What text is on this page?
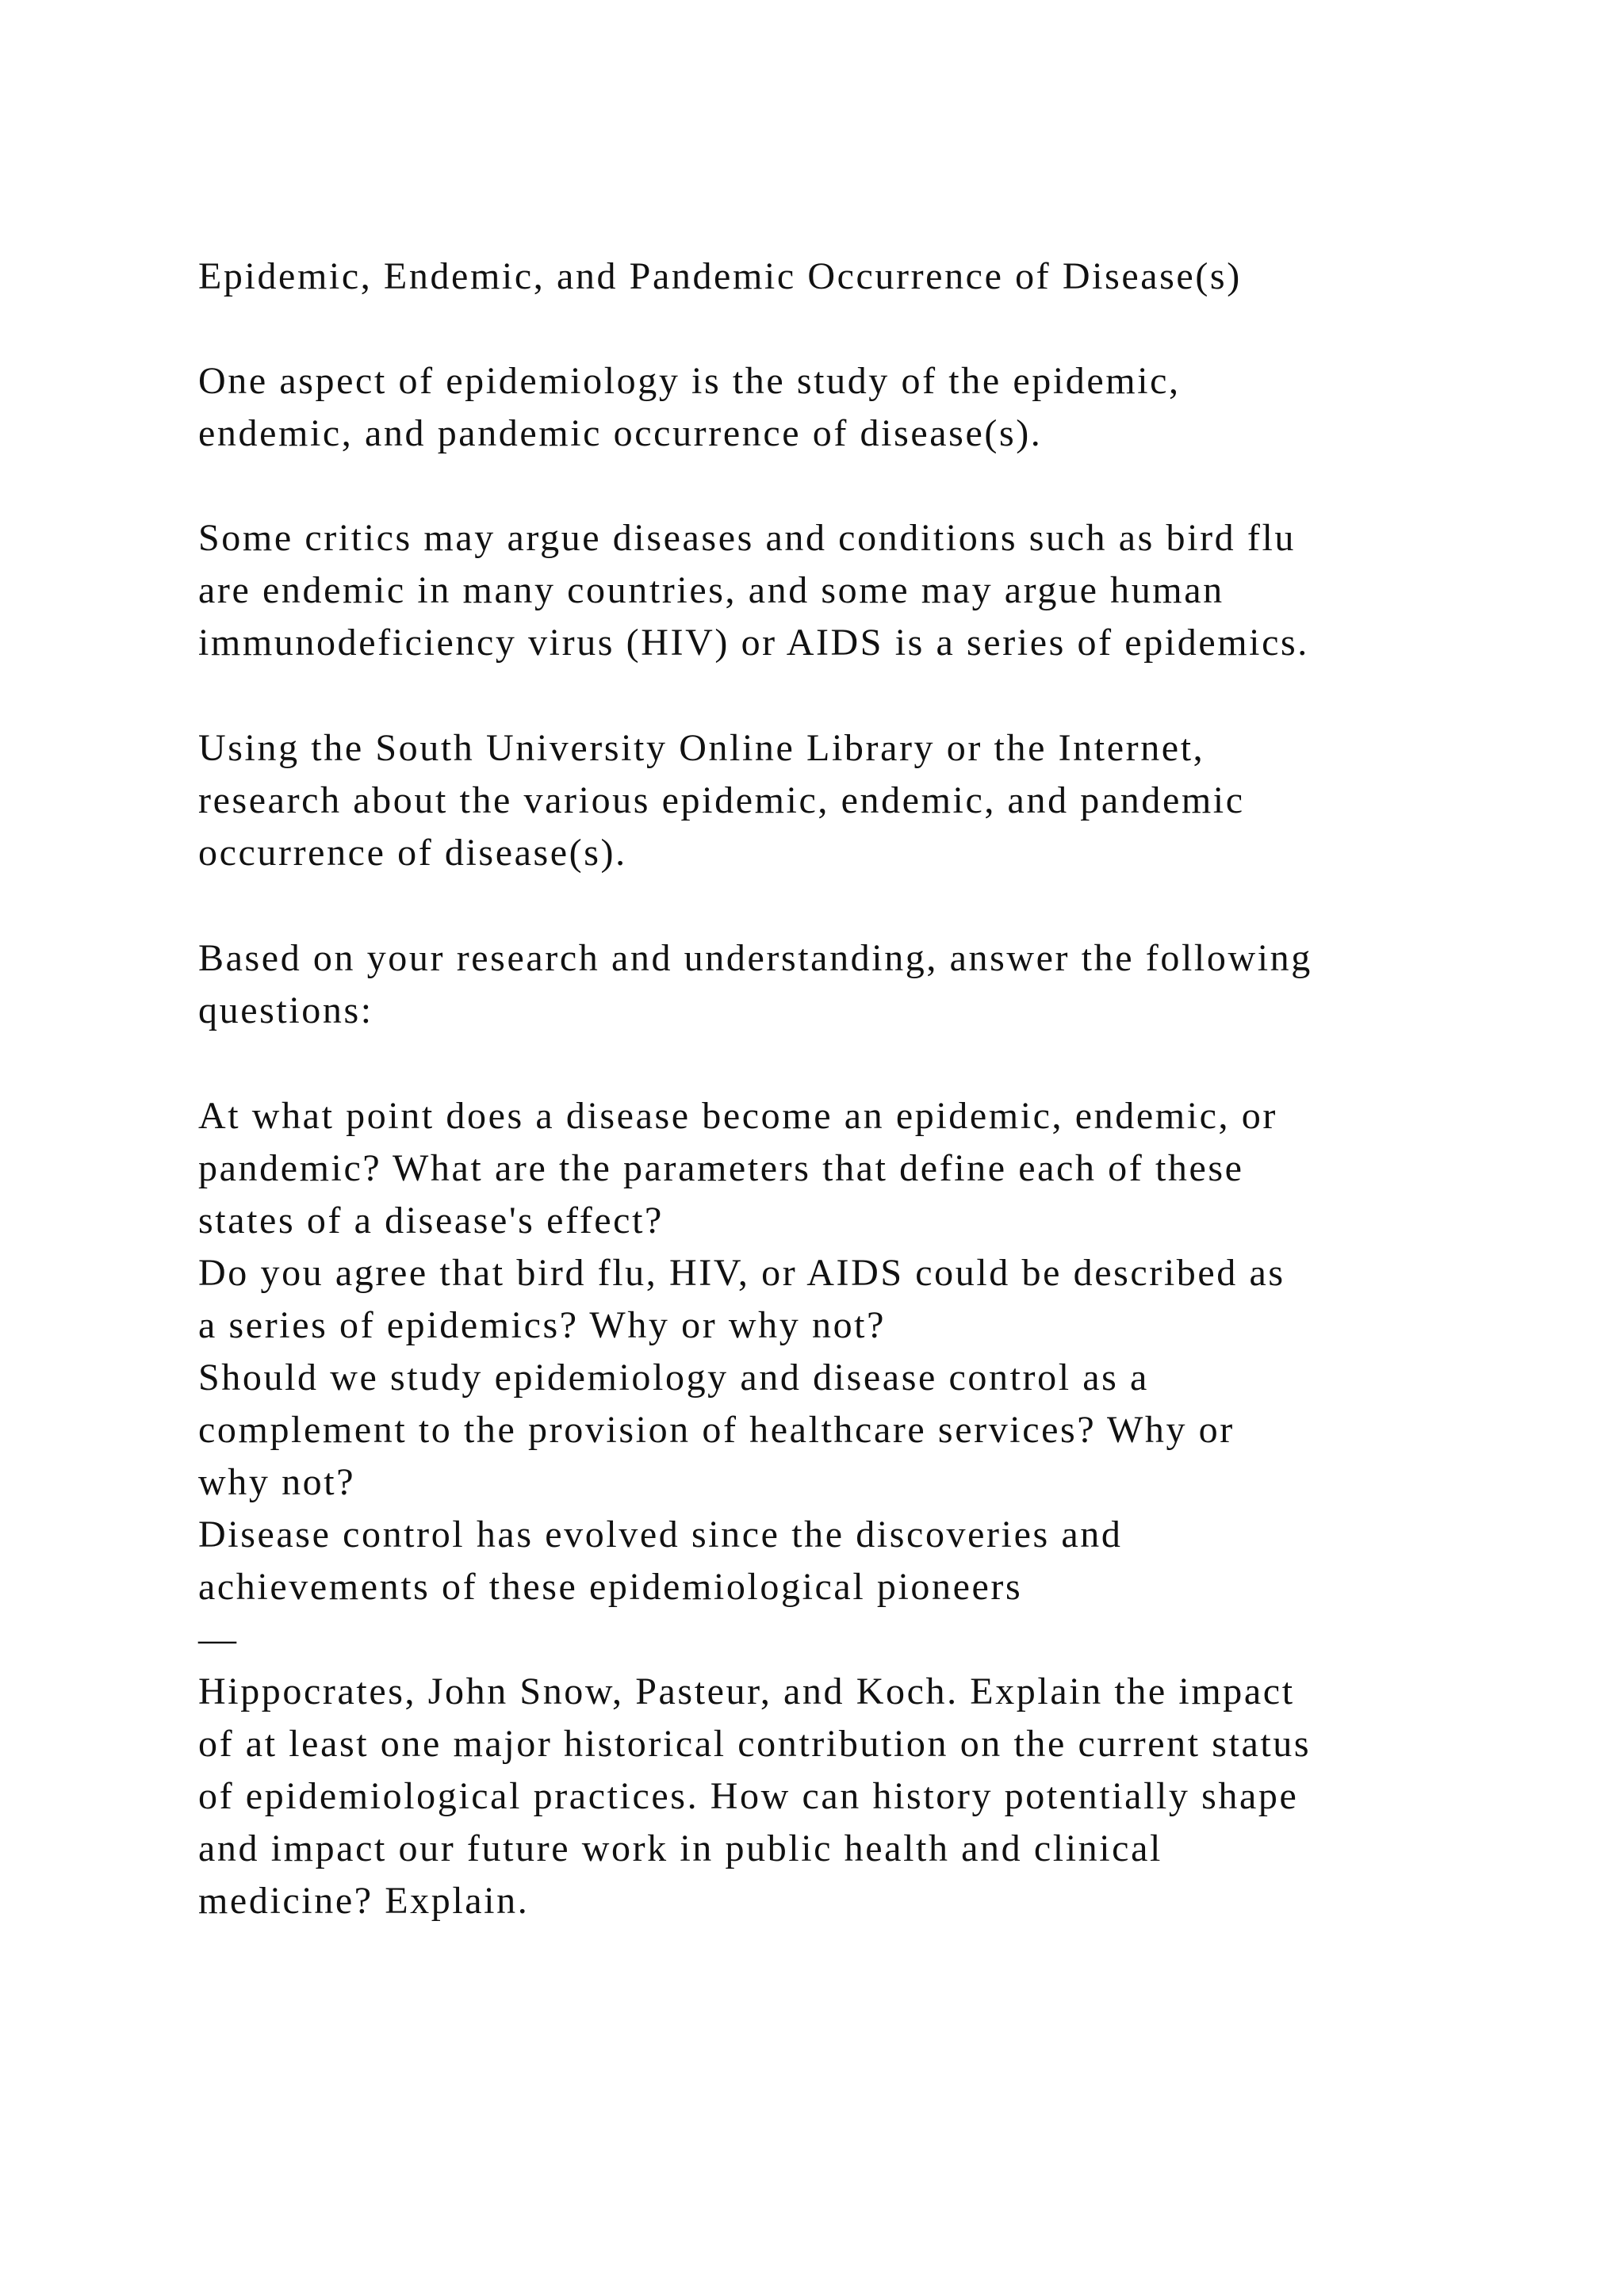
Epidemic, Endemic, and Pandemic Occurrence of Disease(s)
One aspect of epidemiology is the study of the epidemic,
endemic, and pandemic occurrence of disease(s).
Some critics may argue diseases and conditions such as bird flu
are endemic in many countries, and some may argue human
immunodeficiency virus (HIV) or AIDS is a series of epidemics.
Using the South University Online Library or the Internet,
research about the various epidemic, endemic, and pandemic
occurrence of disease(s).
Based on your research and understanding, answer the following
questions:
At what point does a disease become an epidemic, endemic, or
pandemic? What are the parameters that define each of these
states of a disease's effect?
Do you agree that bird flu, HIV, or AIDS could be described as
a series of epidemics? Why or why not?
Should we study epidemiology and disease control as a
complement to the provision of healthcare services? Why or
why not?
Disease control has evolved since the discoveries and
achievements of these epidemiological pioneers
—
Hippocrates, John Snow, Pasteur, and Koch. Explain the impact
of at least one major historical contribution on the current status
of epidemiological practices. How can history potentially shape
and impact our future work in public health and clinical
medicine? Explain.
